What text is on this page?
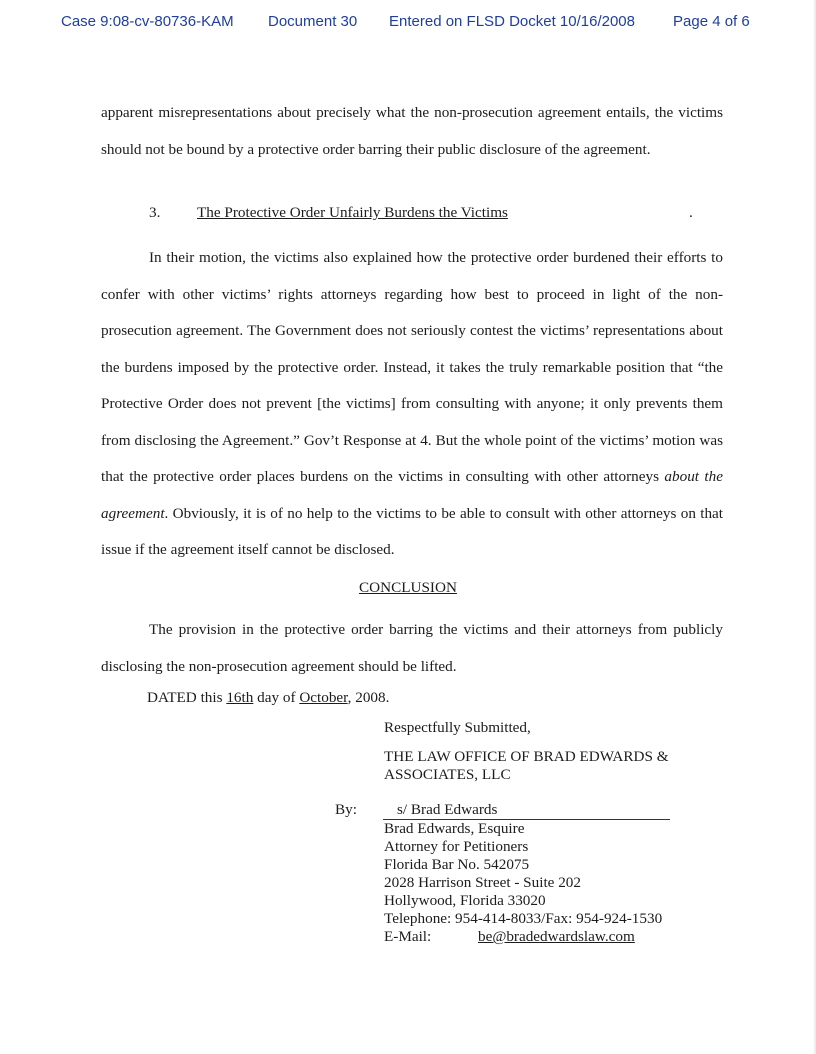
Case 9:08-cv-80736-KAM Document 30 Entered on FLSD Docket 10/16/2008	Page 4 of 6
apparent misrepresentations about precisely what the non-prosecution agreement entails, the victims should not be bound by a protective order barring their public disclosure of the agreement.
3. The Protective Order Unfairly Burdens the Victims	.
In their motion, the victims also explained how the protective order burdened their efforts to confer with other victims’ rights attorneys regarding how best to proceed in light of the non-prosecution agreement. The Government does not seriously contest the victims’ representations about the burdens imposed by the protective order. Instead, it takes the truly remarkable position that “the Protective Order does not prevent [the victims] from consulting with anyone; it only prevents them from disclosing the Agreement.” Gov’t Response at 4. But the whole point of the victims’ motion was that the protective order places burdens on the victims in consulting with other attorneys about the agreement. Obviously, it is of no help to the victims to be able to consult with other attorneys on that issue if the agreement itself cannot be disclosed.
CONCLUSION
The provision in the protective order barring the victims and their attorneys from publicly disclosing the non-prosecution agreement should be lifted.
DATED this 16th day of October, 2008.
Respectfully Submitted,
THE LAW OFFICE OF BRAD EDWARDS &
ASSOCIATES, LLC
By:	s/ Brad Edwards
Brad Edwards, Esquire
Attorney for Petitioners
Florida Bar No. 542075
2028 Harrison Street - Suite 202
Hollywood, Florida 33020
Telephone: 954-414-8033/Fax: 954-924-1530
E-Mail:	be@bradedwardslaw.com
